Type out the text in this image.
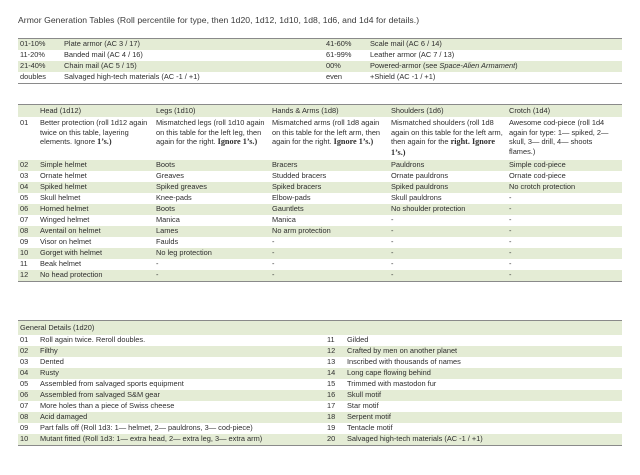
Armor Generation Tables (Roll percentile for type, then 1d20, 1d12, 1d10, 1d8, 1d6, and 1d4 for details.)
01-10%	Plate armor (AC 3 / 17)	41-60%	Scale mail (AC 6 / 14)
11-20%	Banded mail (AC 4 / 16)	61-99%	Leather armor (AC 7 / 13)
21-40%	Chain mail (AC 5 / 15)	00%	Powered-armor (see Space-Alien Armament)
doubles	Salvaged high-tech materials (AC -1 / +1)	even	+Shield (AC -1 / +1)
	Head (1d12)	Legs (1d10)	Hands & Arms (1d8)	Shoulders (1d6)	Crotch (1d4)
01	Better protection (roll 1d12 again twice on this table, layering elements. Ignore 1’s.)	Mismatched legs (roll 1d10 again on this table for the left leg, then again for the right. Ignore 1’s.)	Mismatched arms (roll 1d8 again on this table for the left arm, then again for the right. Ignore 1’s.)	Mismatched shoulders (roll 1d8 again on this table for the left arm, then again for the right. Ignore 1’s.)	Awesome cod-piece (roll 1d4 again for type: 1— spiked, 2— skull, 3— drill, 4— shoots flames.)
02	Simple helmet	Boots	Bracers	Pauldrons	Simple cod-piece
03	Ornate helmet	Greaves	Studded bracers	Ornate pauldrons	Ornate cod-piece
04	Spiked helmet	Spiked greaves	Spiked bracers	Spiked pauldrons	No crotch protection
05	Skull helmet	Knee-pads	Elbow-pads	Skull pauldrons	-
06	Horned helmet	Boots	Gauntlets	No shoulder protection	-
07	Winged helmet	Manica	Manica	-	-
08	Aventail on helmet	Lames	No arm protection	-	-
09	Visor on helmet	Faulds	-	-	-
10	Gorget with helmet	No leg protection	-	-	-
11	Beak helmet	-	-	-	-
12	No head protection	-	-	-	-
General Details (1d20)			
01	Roll again twice. Reroll doubles.	11	Gilded
02	Filthy	12	Crafted by men on another planet
03	Dented	13	Inscribed with thousands of names
04	Rusty	14	Long cape flowing behind
05	Assembled from salvaged sports equipment	15	Trimmed with mastodon fur
06	Assembled from salvaged S&M gear	16	Skull motif
07	More holes than a piece of Swiss cheese	17	Star motif
08	Acid damaged	18	Serpent motif
09	Part falls off (Roll 1d3: 1— helmet, 2— pauldrons, 3— cod-piece)	19	Tentacle motif
10	Mutant fitted (Roll 1d3: 1— extra head, 2— extra leg, 3— extra arm)	20	Salvaged high-tech materials (AC -1 / +1)
